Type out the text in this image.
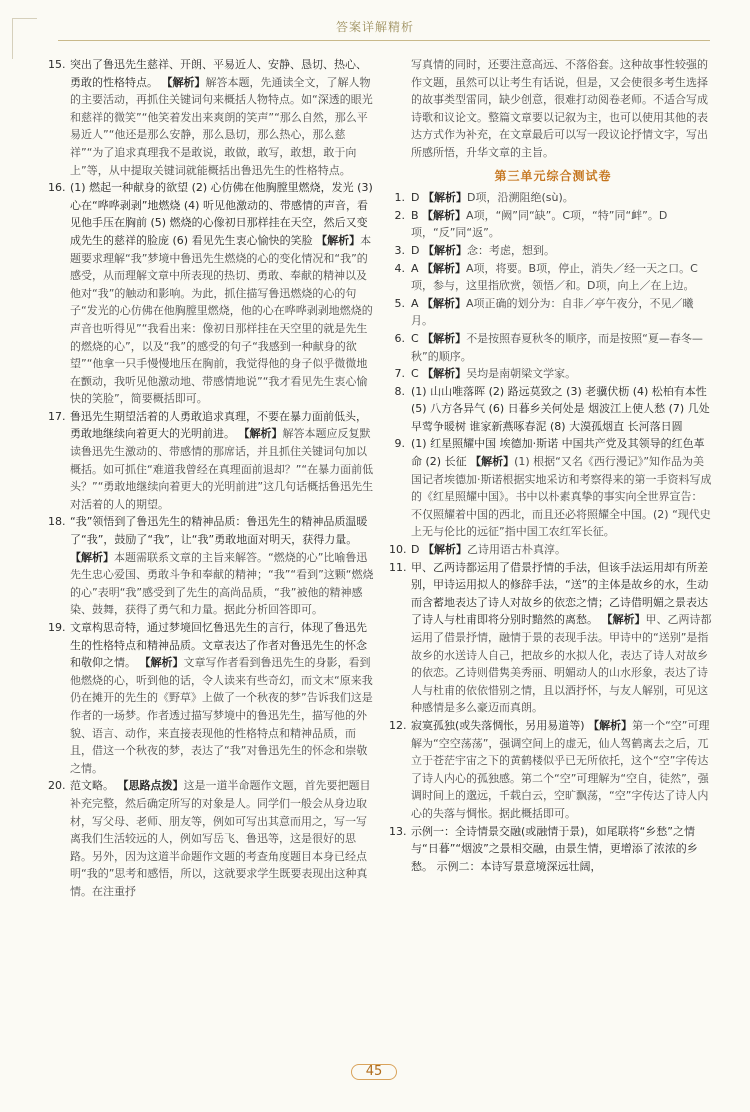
答案详解精析
15. 突出了鲁迅先生慈祥、开朗、平易近人、安静、恳切、热心、勇敢的性格特点。 【解析】解答本题，先通读全文，了解人物的主要活动，再抓住关键词句来概括人物特点。如“深透的眼光和慈祥的微笑”“他笑着发出来爽朗的笑声”“那么自然，那么平易近人”“他还是那么安静，那么恳切，那么热心，那么慈祥”“为了追求真理我不是敢说，敢做，敢写，敢想，敢于向上”等，从中提取关键词就能概括出鲁迅先生的性格特点。
16. (1) 燃起一种献身的欲望 (2) 心仿佛在他胸膛里燃烧，发光 (3) 心在“哗哗剥剥”地燃烧 (4) 听见他激动的、带感情的声音，看见他手压在胸前 (5) 燃烧的心像初日那样挂在天空，然后又变成先生的慈祥的脸庞 (6) 看见先生衷心愉快的笑脸 【解析】本题要求理解“我”梦境中鲁迅先生燃烧的心的变化情况和“我”的感受，从而理解文章中所表现的热切、勇敢、奉献的精神以及他对“我”的触动和影响。为此，抓住描写鲁迅燃烧的心的句子“发光的心仿佛在他胸膛里燃烧，他的心在哗哗剥剥地燃烧的声音也听得见”“我看出来：像初日那样挂在天空里的就是先生的燃烧的心”，以及“我”的感受的句子“我感到一种献身的欲望”“他拿一只手慢慢地压在胸前，我觉得他的身子似乎微微地在颤动，我听见他激动地、带感情地说”“我才看见先生衷心愉快的笑脸”，简要概括即可。
17. 鲁迅先生期望活着的人勇敢追求真理，不要在暴力面前低头，勇敢地继续向着更大的光明前进。 【解析】解答本题应反复默读鲁迅先生激动的、带感情的那席话，并且抓住关键词句加以概括。如可抓住“难道我曾经在真理面前退却？”“在暴力面前低头？”“勇敢地继续向着更大的光明前进”这几句话概括鲁迅先生对活着的人的期望。
18. “我”领悟到了鲁迅先生的精神品质：鲁迅先生的精神品质温暖了“我”，鼓励了“我”，让“我”勇敢地面对明天，获得力量。 【解析】本题需联系文章的主旨来解答。“燃烧的心”比喻鲁迅先生忠心爱国、勇敢斗争和奉献的精神；“我”“看到”这颗“燃烧的心”表明“我”感受到了先生的高尚品质，“我”被他的精神感染、鼓舞，获得了勇气和力量。据此分析回答即可。
19. 文章构思奇特，通过梦境回忆鲁迅先生的言行，体现了鲁迅先生的性格特点和精神品质。文章表达了作者对鲁迅先生的怀念和敬仰之情。 【解析】文章写作者看到鲁迅先生的身影，看到他燃烧的心，听到他的话，令人读来有些奇幻，而文末“原来我仍在摊开的先生的《野草》上做了一个秋夜的梦”告诉我们这是作者的一场梦。作者透过描写梦境中的鲁迅先生，描写他的外貌、语言、动作，来直接表现他的性格特点和精神品质，而且，借这一个秋夜的梦，表达了“我”对鲁迅先生的怀念和崇敬之情。
20. 范文略。 【思路点拨】这是一道半命题作文题，首先要把题目补充完整，然后确定所写的对象是人。同学们一般会从身边取材，写父母、老师、朋友等，例如可写出其意而用之，写一写离我们生活较远的人，例如写岳飞、鲁迅等，这是很好的思路。另外，因为这道半命题作文题的考查角度题目本身已经点明“我的”思考和感悟，所以，这就要求学生既要表现出这种真情。在注重抒
写真情的同时，还要注意高远、不落俗套。这种故事性较强的作文题，虽然可以让考生有话说，但是，又会使很多考生选择的故事类型雷同，缺少创意，很难打动阅卷老师。不适合写成诗歌和议论文。整篇文章要以记叙为主，也可以使用其他的表达方式作为补充，在文章最后可以写一段议论抒情文字，写出所感所悟，升华文章的主旨。
第三单元综合测试卷
1. D 【解析】D项，沿溯阻绝(sù)。
2. B 【解析】A项，“阙”同“缺”。C项，“特”同“衅”。D项，“反”同“返”。
3. D 【解析】念：考虑，想到。
4. A 【解析】A项，将要。B项，停止，消失／经一天之口。C项，参与，这里指欣赏，领悟／和。D项，向上／在上边。
5. A 【解析】A项正确的划分为：自非／亭午夜分，不见／曦月。
6. C 【解析】不是按照春夏秋冬的顺序，而是按照“夏—春冬—秋”的顺序。
7. C 【解析】吴均是南朝梁文学家。
8. (1) 山山唯落晖 (2) 路远莫致之 (3) 老骥伏枥 (4) 松柏有本性 (5) 八方各异气 (6) 日暮乡关何处是 烟波江上使人愁 (7) 几处早莺争暖树 谁家新燕啄春泥 (8) 大漠孤烟直 长河落日圆
9. (1) 红星照耀中国 埃德加·斯诺 中国共产党及其领导的红色革命 (2) 长征 【解析】(1) 根据“又名《西行漫记》”知作品为美国记者埃德加·斯诺根据实地采访和考察得来的第一手资料写成的《红星照耀中国》。书中以朴素真挚的事实向全世界宣告：不仅照耀着中国的西北，而且还必将照耀全中国。(2) “现代史上无与伦比的远征”指中国工农红军长征。
10. D 【解析】乙诗用语古朴真淳。
11. 甲、乙两诗都运用了借景抒情的手法，但该手法运用却有所差别，甲诗运用拟人的修辞手法，“送”的主体是故乡的水，生动而含蓄地表达了诗人对故乡的依恋之情；乙诗借明媚之景表达了诗人与杜甫即将分别时黯然的离愁。 【解析】甲、乙两诗都运用了借景抒情，融情于景的表现手法。甲诗中的“送别”是指故乡的水送诗人自己，把故乡的水拟人化，表达了诗人对故乡的依恋。乙诗则借隽美秀丽、明媚动人的山水形象，表达了诗人与杜甫的依依惜别之情，且以酒抒怀，与友人解别，可见这种感情是多么豪迈而真朗。
12. 寂寞孤独(或失落惆怅，另用易道等) 【解析】第一个“空”可理解为“空空荡荡”，强调空间上的虚无，仙人驾鹤离去之后，兀立于苍茫宇宙之下的黄鹤楼似乎已无所依托，这个“空”字传达了诗人内心的孤独感。第二个“空”可理解为“空自，徒然”，强调时间上的邈远，千载白云，空旷飘荡，“空”字传达了诗人内心的失落与惆怅。据此概括即可。
13. 示例一：全诗情景交融(或融情于景)，如尾联将“乡愁”之情与“日暮”“烟波”之景相交融，由景生情，更增添了浓浓的乡愁。 示例二：本诗写景意境深远壮阔，
45
